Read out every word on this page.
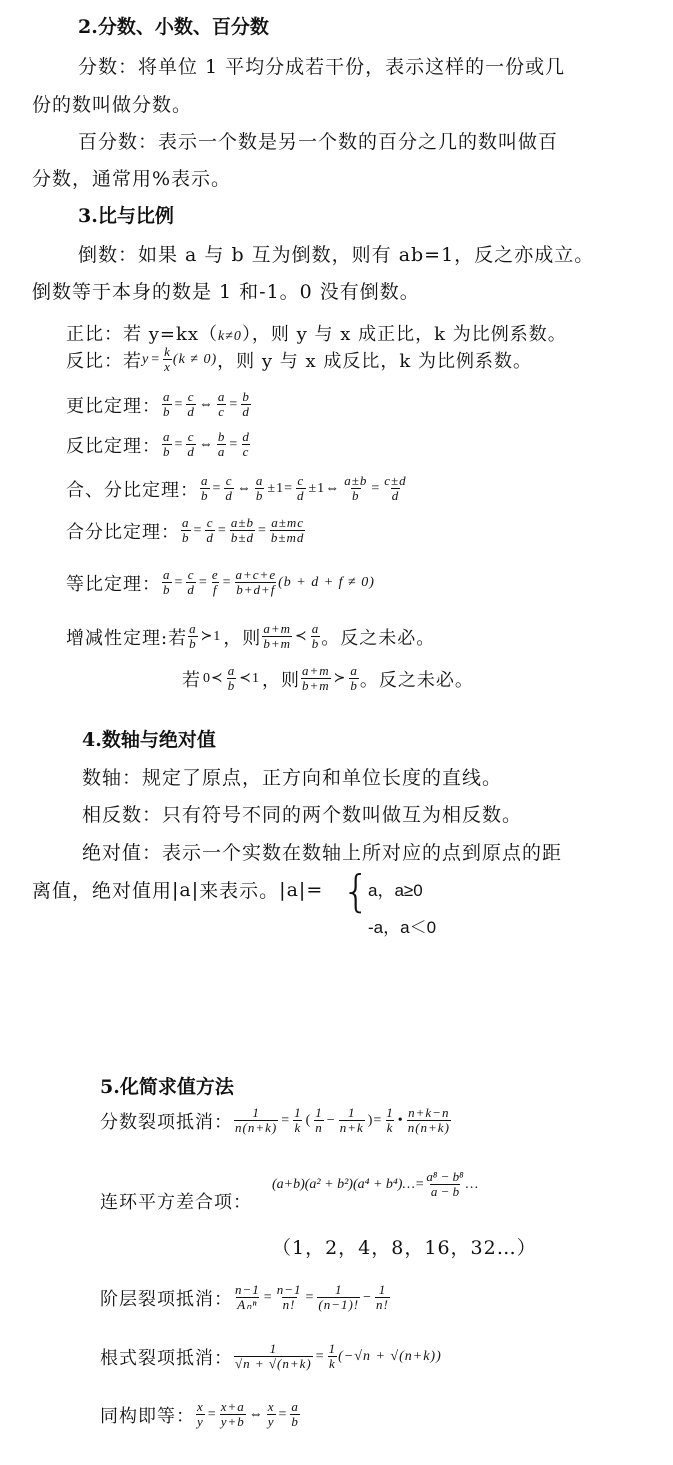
2.分数、小数、百分数
分数：将单位 1 平均分成若干份，表示这样的一份或几
份的数叫做分数。
百分数：表示一个数是另一个数的百分之几的数叫做百
分数，通常用%表示。
3.比与比例
倒数：如果 a 与 b 互为倒数，则有 ab=1，反之亦成立。
倒数等于本身的数是 1 和-1。0 没有倒数。
正比：若 y=kx（k≠0），则 y 与 x 成正比，k 为比例系数。
反比：若 $y = \frac{k}{x} (k \ne 0)$ ，则 y 与 x 成反比，k 为比例系数。
更比定理： $\frac{a}{b} = \frac{c}{d}$ ⇔ $\frac{a}{c} = \frac{b}{d}$
反比定理： $\frac{a}{b} = \frac{c}{d}$ ⇔ $\frac{b}{a} = \frac{d}{c}$
合、分比定理： $\frac{a}{b} = \frac{c}{d}$ ⇔ $\frac{a}{b} \pm 1= \frac{c}{d}$ ±1⇔ $\frac{a\pm b}{b} = \frac{c\pm d}{d}$
合分比定理： $\frac{a}{b} = \frac{c}{d} = \frac{a\pm b}{b\pm d} = \frac{a\pm mc}{b\pm md}$
等比定理： $\frac{a}{b} = \frac{c}{d} = \frac{e}{f} = \frac{a+c+e}{b+d+f} (b + d + f \ne 0)$
增减性定理:若 $\frac{a}{b}$ ≻1 ，则 $\frac{a+m}{b+m}$ ≺ $\frac{a}{b}$ 。反之未必。
若 0≺ $\frac{a}{b}$ ≺1 ，则 $\frac{a+m}{b+m}$ ≻ $\frac{a}{b}$ 。反之未必。
4.数轴与绝对值
数轴：规定了原点，正方向和单位长度的直线。
相反数：只有符号不同的两个数叫做互为相反数。
绝对值：表示一个实数在数轴上所对应的点到原点的距
离值，绝对值用 | a | 来表示。 | a | = {
a，a≥0
-a，a＜0
5.化简求值方法
分数裂项抵消： $\frac{1}{n(n+k)} = \frac{1}{k}$ ( $\frac{1}{n} - \frac{1}{n+k}$ )= $\frac{1}{k}$ • $\frac{n+k-n}{n(n+k)}$
连环平方差合项：
(a+b)(a² + b²)(a⁴ + b⁴)…= $\frac{\text{a⁸ − b⁸}}{a - b}$ …
（1，2，4，8，16，32…）
阶层裂项抵消： $\frac{n-1}{\text{Aₙⁿ}} = \frac{n-1}{n!} = \frac{1}{(n-1)!} - \frac{1}{n!}$
根式裂项抵消： $\frac{1}{√n + √(n+k)} = \frac{1}{k} (-√n + √(n+k))$
同构即等： $\frac{x}{y} = \frac{x+a}{y+b}$ ⇔ $\frac{x}{y} = \frac{a}{b}$
